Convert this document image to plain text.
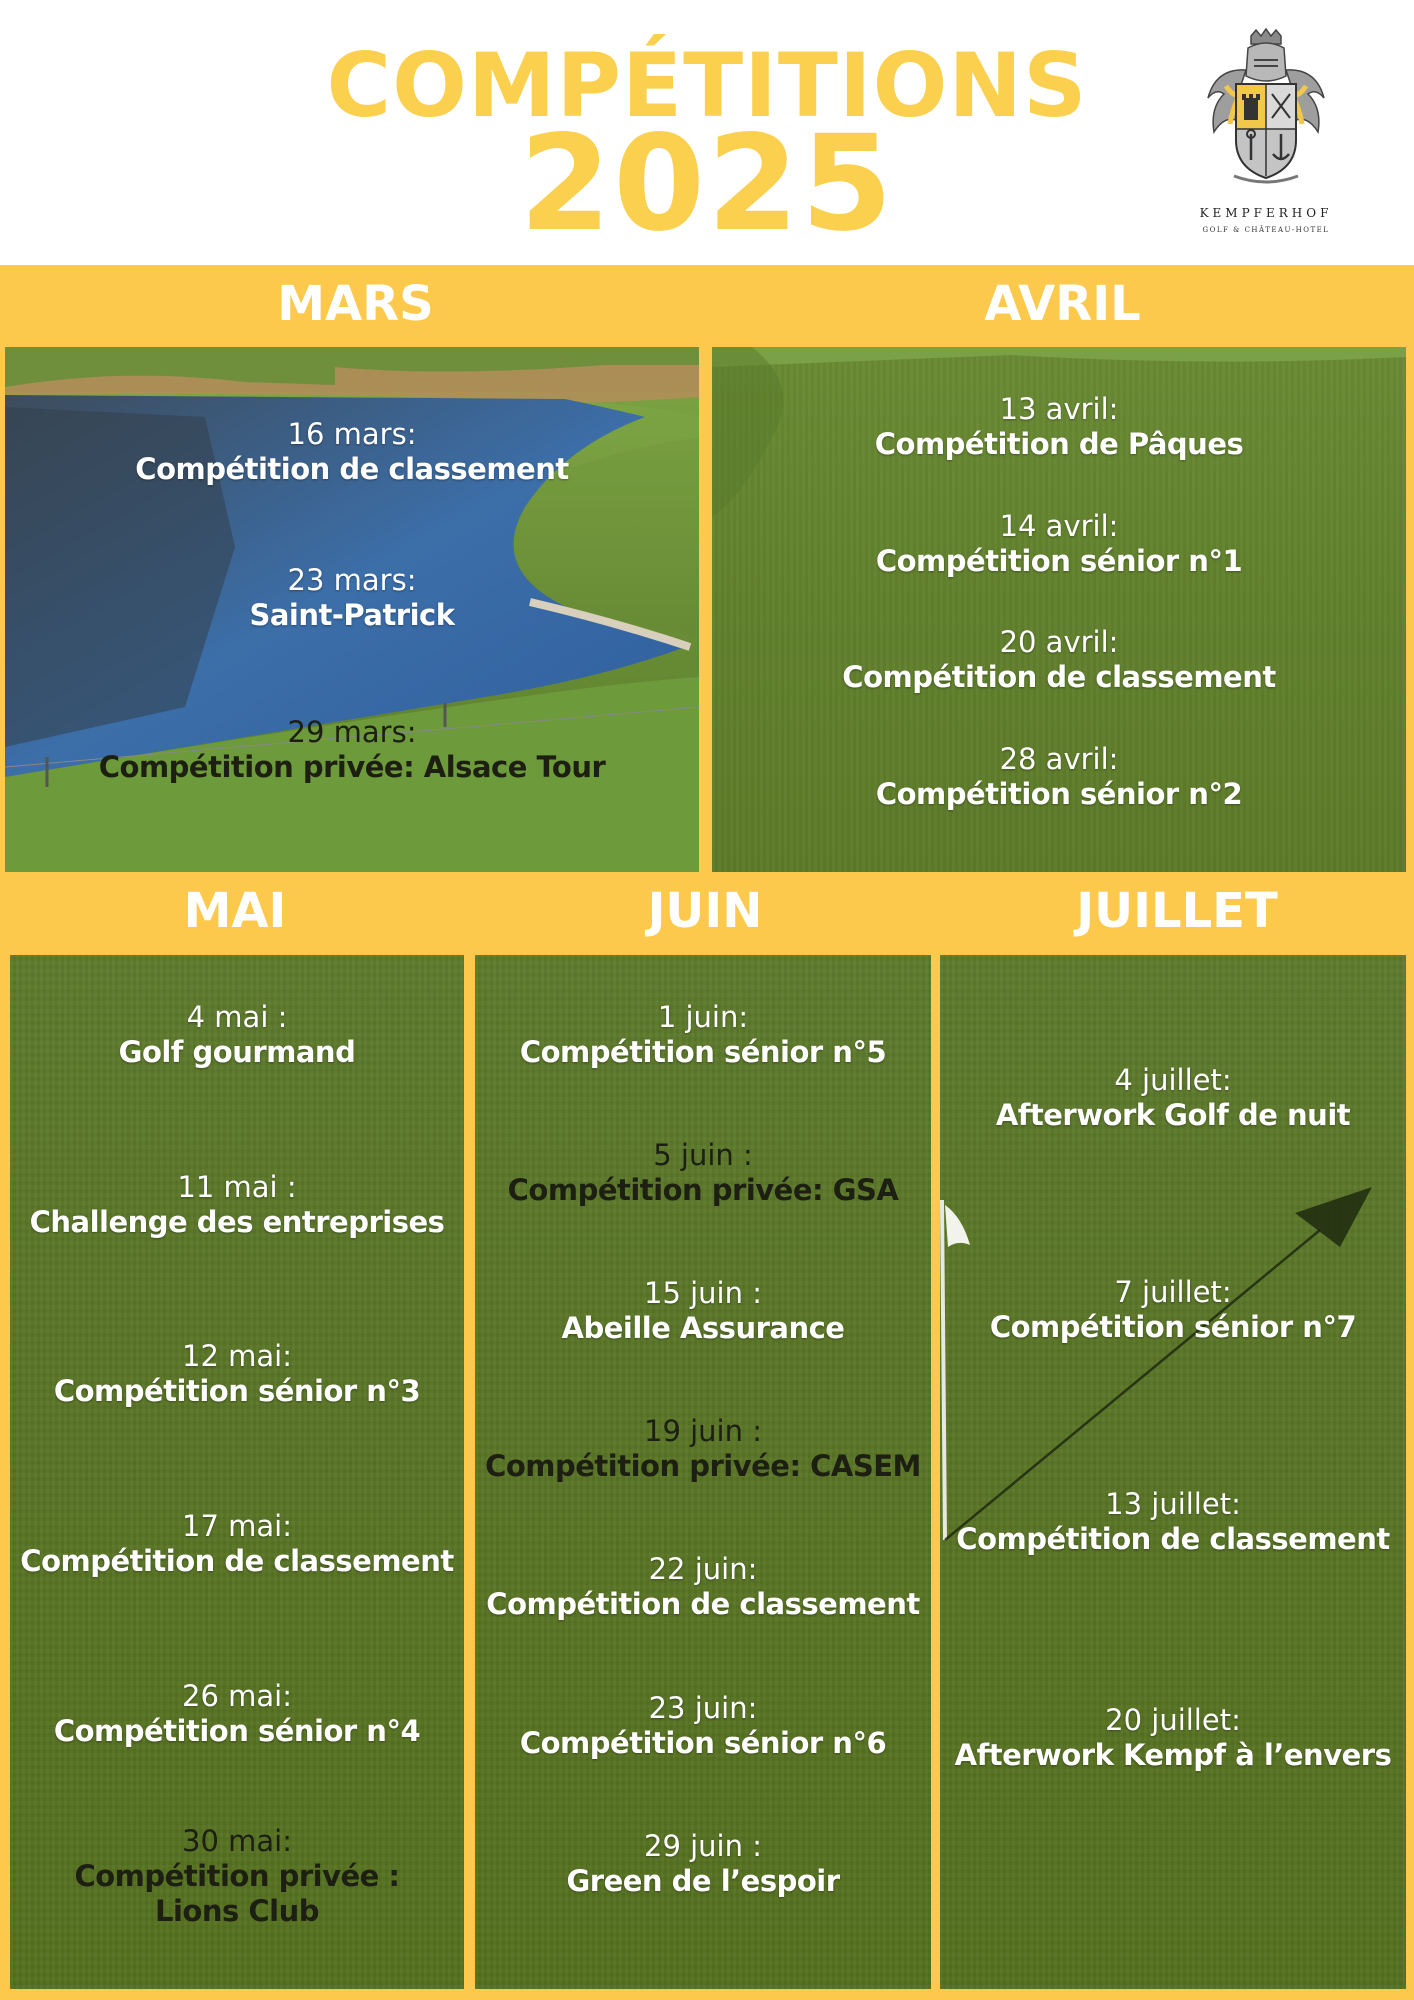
COMPÉTITIONS
2025	KEMPFERHOF
GOLF & CHÂTEAU-HOTEL
MARS	AVRIL
MAI	JUIN	JUILLET
16 mars:
Compétition de classement
23 mars:
Saint-Patrick
29 mars:
Compétition privée: Alsace Tour
13 avril:
Compétition de Pâques
14 avril:
Compétition sénior n°1
20 avril:
Compétition de classement
28 avril:
Compétition sénior n°2
4 mai :
Golf gourmand
11 mai :
Challenge des entreprises
12 mai:
Compétition sénior n°3
17 mai:
Compétition de classement
26 mai:
Compétition sénior n°4
30 mai:
Compétition privée :
Lions Club
1 juin:
Compétition sénior n°5
5 juin :
Compétition privée: GSA
15 juin :
Abeille Assurance
19 juin :
Compétition privée: CASEM
22 juin:
Compétition de classement
23 juin:
Compétition sénior n°6
29 juin :
Green de l’espoir
4 juillet:
Afterwork Golf de nuit
7 juillet:
Compétition sénior n°7
13 juillet:
Compétition de classement
20 juillet:
Afterwork Kempf à l’envers
